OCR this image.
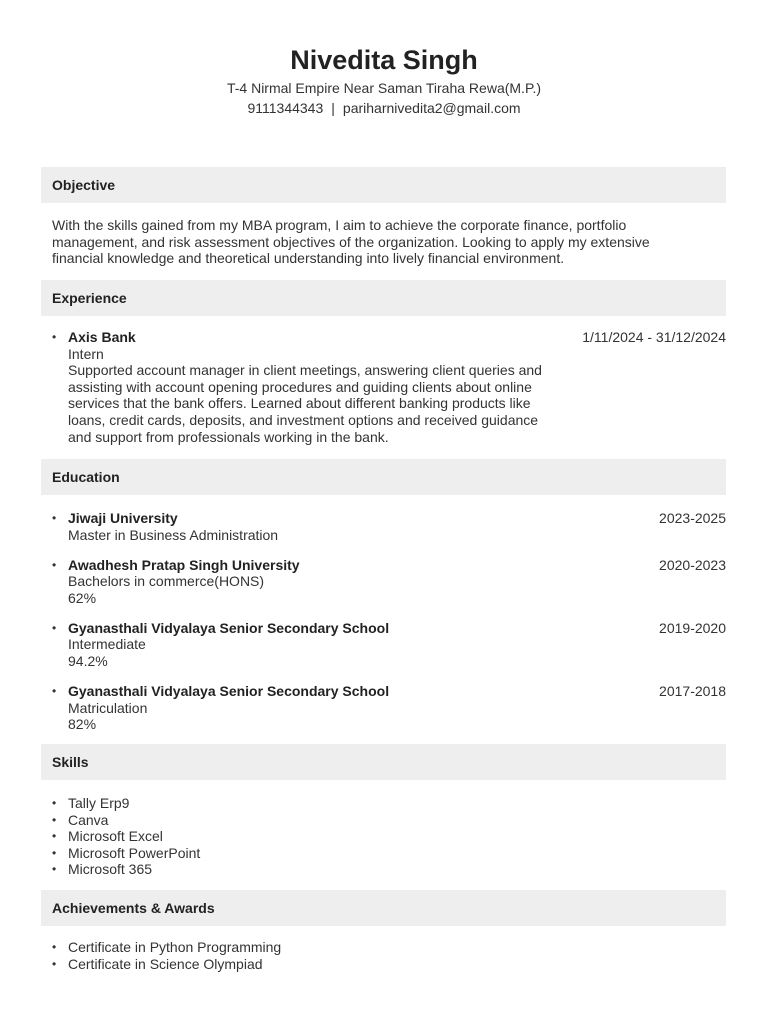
Nivedita Singh
T-4 Nirmal Empire Near Saman Tiraha Rewa(M.P.)
9111344343 | pariharnivedita2@gmail.com
Objective
With the skills gained from my MBA program, I aim to achieve the corporate finance, portfolio management, and risk assessment objectives of the organization. Looking to apply my extensive financial knowledge and theoretical understanding into lively financial environment.
Experience
• Axis Bank	1/11/2024 - 31/12/2024
Intern
Supported account manager in client meetings, answering client queries and assisting with account opening procedures and guiding clients about online services that the bank offers. Learned about different banking products like loans, credit cards, deposits, and investment options and received guidance and support from professionals working in the bank.
Education
• Jiwaji University	2023-2025
Master in Business Administration
• Awadhesh Pratap Singh University	2020-2023
Bachelors in commerce(HONS)
62%
• Gyanasthali Vidyalaya Senior Secondary School	2019-2020
Intermediate
94.2%
• Gyanasthali Vidyalaya Senior Secondary School	2017-2018
Matriculation
82%
Skills
• Tally Erp9
• Canva
• Microsoft Excel
• Microsoft PowerPoint
• Microsoft 365
Achievements & Awards
• Certificate in Python Programming
• Certificate in Science Olympiad
